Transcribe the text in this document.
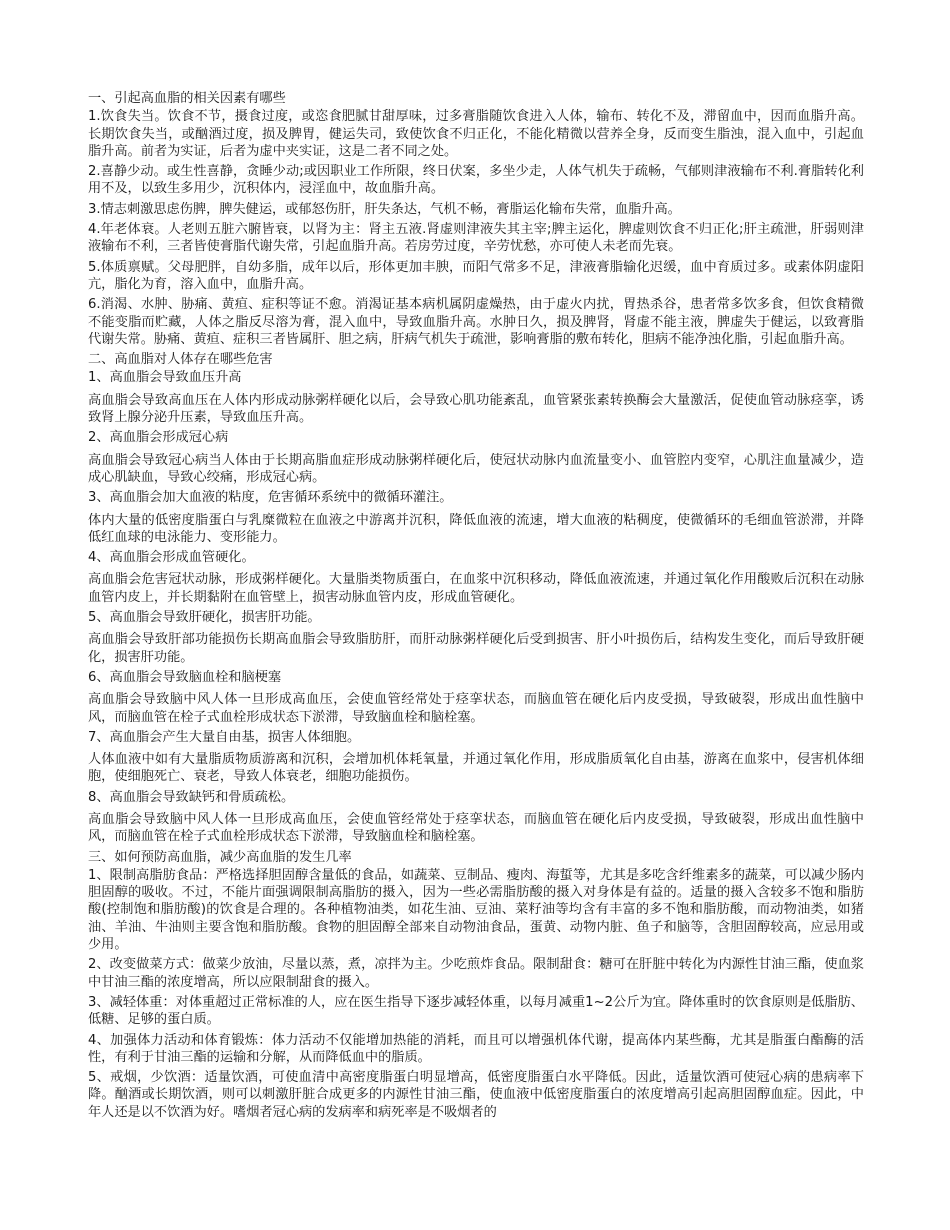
一、引起高血脂的相关因素有哪些
1.饮食失当。饮食不节，摄食过度，或恣食肥腻甘甜厚味，过多膏脂随饮食进入人体，输布、转化不及，滞留血中，因而血脂升高。长期饮食失当，或酗酒过度，损及脾胃，健运失司，致使饮食不归正化，不能化精微以营养全身，反而变生脂浊，混入血中，引起血脂升高。前者为实证，后者为虚中夹实证，这是二者不同之处。
2.喜静少动。或生性喜静，贪睡少动;或因职业工作所限，终日伏案，多坐少走，人体气机失于疏畅，气郁则津液输布不利.膏脂转化利用不及，以致生多用少，沉积体内，浸淫血中，故血脂升高。
3.情志刺激思虑伤脾，脾失健运，或郁怒伤肝，肝失条达，气机不畅，膏脂运化输布失常，血脂升高。
4.年老体衰。人老则五脏六腑皆衰，以肾为主：肾主五液.肾虚则津液失其主宰;脾主运化，脾虚则饮食不归正化;肝主疏泄，肝弱则津液输布不利，三者皆使膏脂代谢失常，引起血脂升高。若房劳过度，辛劳忧愁，亦可使人未老而先衰。
5.体质禀赋。父母肥胖，自幼多脂，成年以后，形体更加丰腴，而阳气常多不足，津液膏脂输化迟缓，血中育质过多。或素体阴虚阳亢，脂化为育，溶入血中，血脂升高。
6.消渴、水肿、胁痛、黄疸、症积等证不愈。消渴证基本病机属阴虚燥热，由于虚火内扰，胃热杀谷，患者常多饮多食，但饮食精微不能变脂而贮藏，人体之脂反尽溶为膏，混入血中，导致血脂升高。水肿日久，损及脾肾，肾虚不能主液，脾虚失于健运，以致膏脂代谢失常。胁痛、黄疸、症积三者皆属肝、胆之病，肝病气机失于疏泄，影响膏脂的敷布转化，胆病不能净浊化脂，引起血脂升高。
二、高血脂对人体存在哪些危害
1、高血脂会导致血压升高
高血脂会导致高血压在人体内形成动脉粥样硬化以后，会导致心肌功能紊乱，血管紧张素转换酶会大量激活，促使血管动脉痉挛，诱致肾上腺分泌升压素，导致血压升高。
2、高血脂会形成冠心病
高血脂会导致冠心病当人体由于长期高脂血症形成动脉粥样硬化后，使冠状动脉内血流量变小、血管腔内变窄，心肌注血量减少，造成心肌缺血，导致心绞痛，形成冠心病。
3、高血脂会加大血液的粘度，危害循环系统中的微循环灌注。
体内大量的低密度脂蛋白与乳糜微粒在血液之中游离并沉积，降低血液的流速，增大血液的粘稠度，使微循环的毛细血管淤滞，并降低红血球的电泳能力、变形能力。
4、高血脂会形成血管硬化。
高血脂会危害冠状动脉，形成粥样硬化。大量脂类物质蛋白，在血浆中沉积移动，降低血液流速，并通过氧化作用酸败后沉积在动脉血管内皮上，并长期黏附在血管壁上，损害动脉血管内皮，形成血管硬化。
5、高血脂会导致肝硬化，损害肝功能。
高血脂会导致肝部功能损伤长期高血脂会导致脂肪肝，而肝动脉粥样硬化后受到损害、肝小叶损伤后，结构发生变化，而后导致肝硬化，损害肝功能。
6、高血脂会导致脑血栓和脑梗塞
高血脂会导致脑中风人体一旦形成高血压，会使血管经常处于痉挛状态，而脑血管在硬化后内皮受损，导致破裂，形成出血性脑中风，而脑血管在栓子式血栓形成状态下淤滞，导致脑血栓和脑栓塞。
7、高血脂会产生大量自由基，损害人体细胞。
人体血液中如有大量脂质物质游离和沉积，会增加机体耗氧量，并通过氧化作用，形成脂质氧化自由基，游离在血浆中，侵害机体细胞，使细胞死亡、衰老，导致人体衰老，细胞功能损伤。
8、高血脂会导致缺钙和骨质疏松。
高血脂会导致脑中风人体一旦形成高血压，会使血管经常处于痉挛状态，而脑血管在硬化后内皮受损，导致破裂，形成出血性脑中风，而脑血管在栓子式血栓形成状态下淤滞，导致脑血栓和脑栓塞。
三、如何预防高血脂，减少高血脂的发生几率
1、限制高脂肪食品：严格选择胆固醇含量低的食品，如蔬菜、豆制品、瘦肉、海蜇等，尤其是多吃含纤维素多的蔬菜，可以减少肠内胆固醇的吸收。不过，不能片面强调限制高脂肪的摄入，因为一些必需脂肪酸的摄入对身体是有益的。适量的摄入含较多不饱和脂肪酸(控制饱和脂肪酸)的饮食是合理的。各种植物油类，如花生油、豆油、菜籽油等均含有丰富的多不饱和脂肪酸，而动物油类，如猪油、羊油、牛油则主要含饱和脂肪酸。食物的胆固醇全部来自动物油食品，蛋黄、动物内脏、鱼子和脑等，含胆固醇较高，应忌用或少用。
2、改变做菜方式：做菜少放油，尽量以蒸，煮，凉拌为主。少吃煎炸食品。限制甜食：糖可在肝脏中转化为内源性甘油三酯，使血浆中甘油三酯的浓度增高，所以应限制甜食的摄入。
3、减轻体重：对体重超过正常标准的人，应在医生指导下逐步减轻体重，以每月减重1~2公斤为宜。降体重时的饮食原则是低脂肪、低糖、足够的蛋白质。
4、加强体力活动和体育锻炼：体力活动不仅能增加热能的消耗，而且可以增强机体代谢，提高体内某些酶，尤其是脂蛋白酯酶的活性，有利于甘油三酯的运输和分解，从而降低血中的脂质。
5、戒烟，少饮酒：适量饮酒，可使血清中高密度脂蛋白明显增高，低密度脂蛋白水平降低。因此，适量饮酒可使冠心病的患病率下降。酗酒或长期饮酒，则可以刺激肝脏合成更多的内源性甘油三酯，使血液中低密度脂蛋白的浓度增高引起高胆固醇血症。因此，中年人还是以不饮酒为好。嗜烟者冠心病的发病率和病死率是不吸烟者的
